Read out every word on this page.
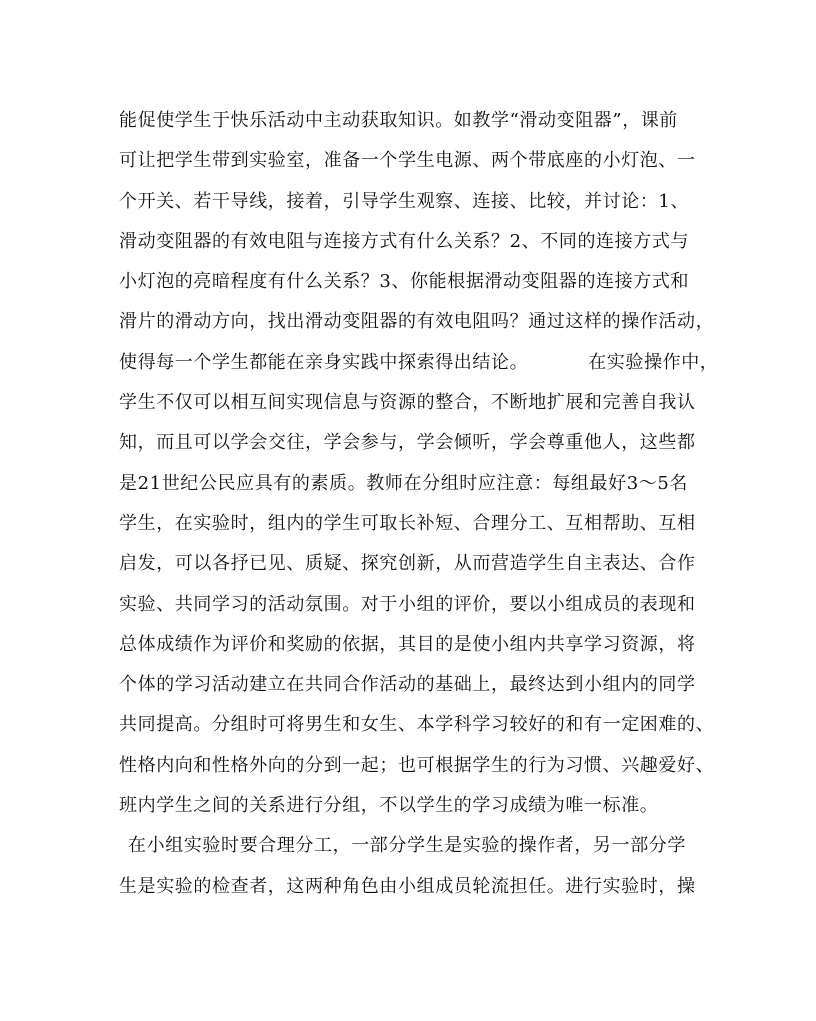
能促使学生于快乐活动中主动获取知识。如教学“滑动变阻器”，课前
可让把学生带到实验室，准备一个学生电源、两个带底座的小灯泡、一
个开关、若干导线，接着，引导学生观察、连接、比较，并讨论：1、
滑动变阻器的有效电阻与连接方式有什么关系？2、不同的连接方式与
小灯泡的亮暗程度有什么关系？3、你能根据滑动变阻器的连接方式和
滑片的滑动方向，找出滑动变阻器的有效电阻吗？通过这样的操作活动，
使得每一个学生都能在亲身实践中探索得出结论。	在实验操作中，
学生不仅可以相互间实现信息与资源的整合，不断地扩展和完善自我认
知，而且可以学会交往，学会参与，学会倾听，学会尊重他人，这些都
是21世纪公民应具有的素质。教师在分组时应注意：每组最好3～5名
学生，在实验时，组内的学生可取长补短、合理分工、互相帮助、互相
启发，可以各抒已见、质疑、探究创新，从而营造学生自主表达、合作
实验、共同学习的活动氛围。对于小组的评价，要以小组成员的表现和
总体成绩作为评价和奖励的依据，其目的是使小组内共享学习资源，将
个体的学习活动建立在共同合作活动的基础上，最终达到小组内的同学
共同提高。分组时可将男生和女生、本学科学习较好的和有一定困难的、
性格内向和性格外向的分到一起；也可根据学生的行为习惯、兴趣爱好、
班内学生之间的关系进行分组，不以学生的学习成绩为唯一标准。
在小组实验时要合理分工，一部分学生是实验的操作者，另一部分学
生是实验的检查者，这两种角色由小组成员轮流担任。进行实验时，操
